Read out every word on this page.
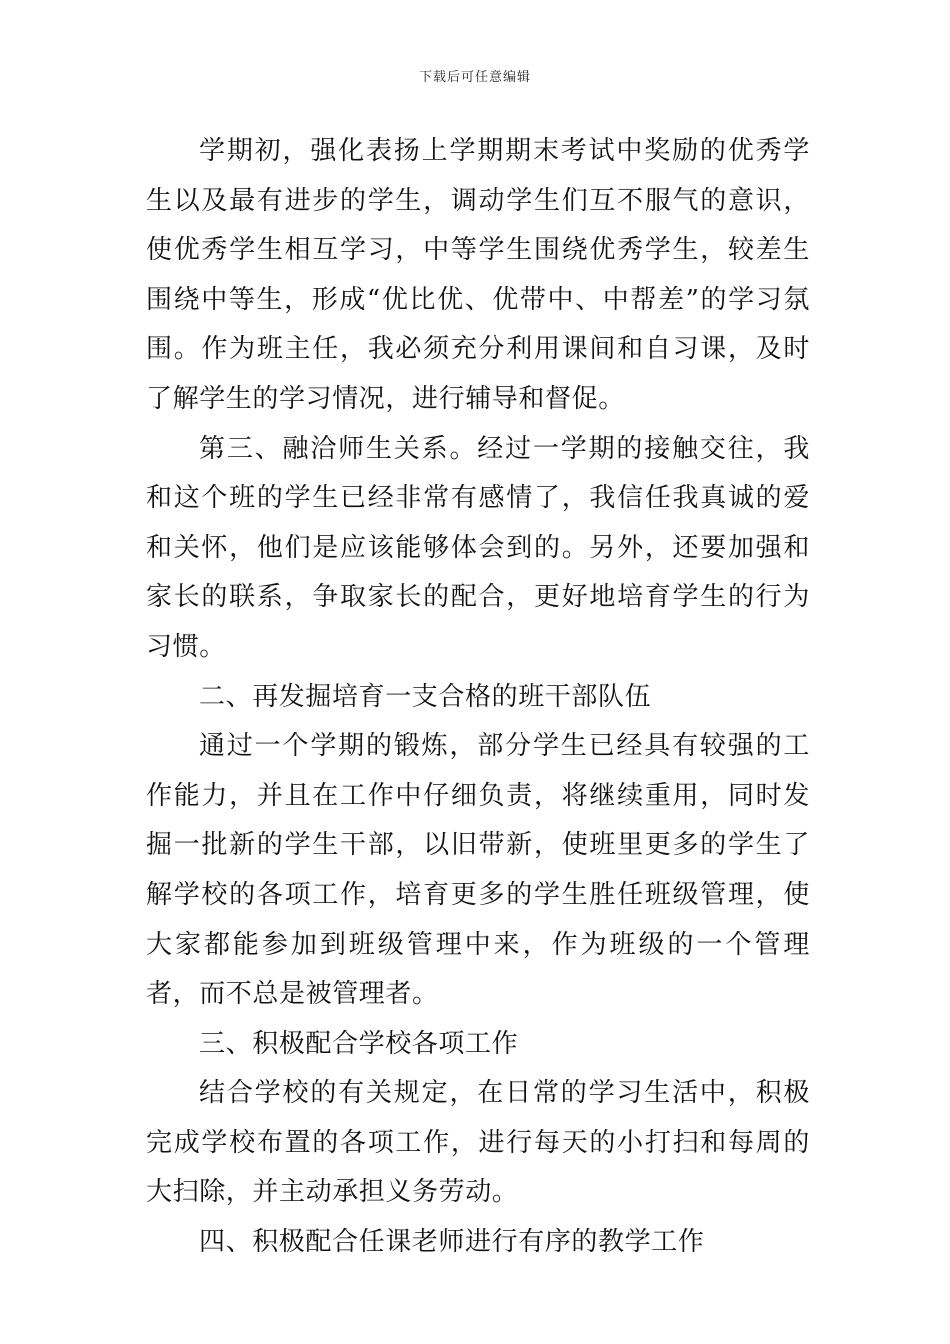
下载后可任意编辑

学期初，强化表扬上学期期末考试中奖励的优秀学生以及最有进步的学生，调动学生们互不服气的意识，使优秀学生相互学习，中等学生围绕优秀学生，较差生围绕中等生，形成“优比优、优带中、中帮差”的学习氛围。作为班主任，我必须充分利用课间和自习课，及时了解学生的学习情况，进行辅导和督促。

第三、融洽师生关系。经过一学期的接触交往，我和这个班的学生已经非常有感情了，我信任我真诚的爱和关怀，他们是应该能够体会到的。另外，还要加强和家长的联系，争取家长的配合，更好地培育学生的行为习惯。

二、再发掘培育一支合格的班干部队伍

通过一个学期的锻炼，部分学生已经具有较强的工作能力，并且在工作中仔细负责，将继续重用，同时发掘一批新的学生干部，以旧带新，使班里更多的学生了解学校的各项工作，培育更多的学生胜任班级管理，使大家都能参加到班级管理中来，作为班级的一个管理者，而不总是被管理者。

三、积极配合学校各项工作

结合学校的有关规定，在日常的学习生活中，积极完成学校布置的各项工作，进行每天的小打扫和每周的大扫除，并主动承担义务劳动。

四、积极配合任课老师进行有序的教学工作
